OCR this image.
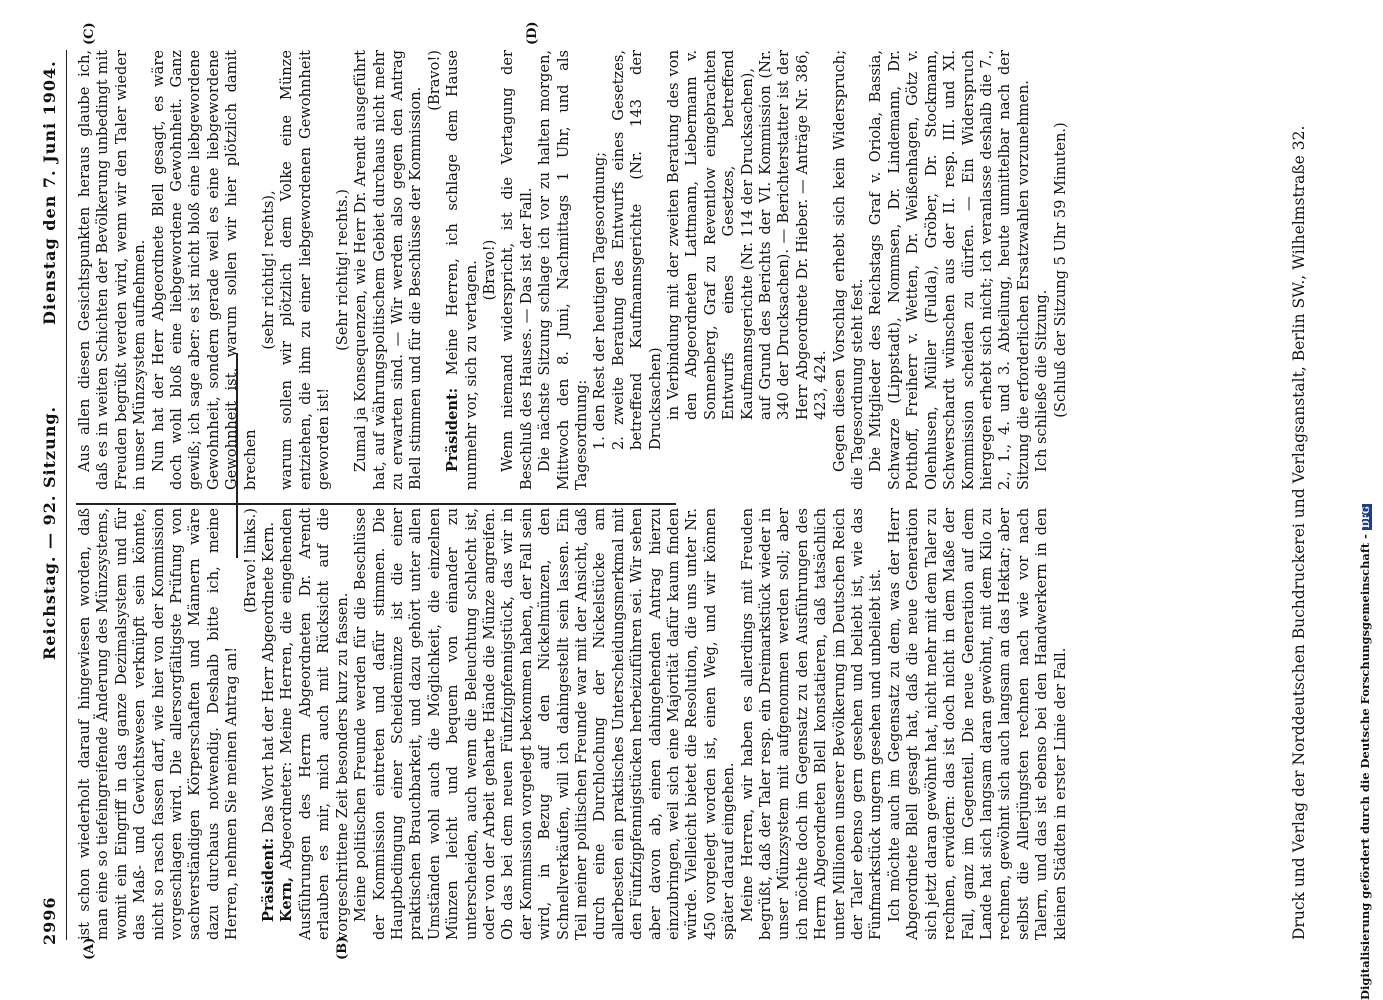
2996
Reichstag. — 92. Sitzung.
Dienstag den 7. Juni 1904.
(A)	(B)
(C)	(D)

ist schon wiederholt darauf hingewiesen worden, daß man eine so tiefeingreifende Änderung des Münzsystems, womit ein Eingriff in das ganze Dezimalsystem und für das Maß- und Gewichtswesen verknüpft sein könnte, nicht so rasch fassen darf, wie hier von der Kommission vorgeschlagen wird. Die allersorgfältigste Prüfung von sachverständigen Körperschaften und Männern wäre dazu durchaus notwendig. Deshalb bitte ich, meine Herren, nehmen Sie meinen Antrag an!

(Bravo! links.)

Präsident: Das Wort hat der Herr Abgeordnete Kern.

Kern, Abgeordneter: Meine Herren, die eingehenden Ausführungen des Herrn Abgeordneten Dr. Arendt erlauben es mir, mich auch mit Rücksicht auf die vorgeschrittene Zeit besonders kurz zu fassen. Meine politischen Freunde werden für die Beschlüsse der Kommission eintreten und dafür stimmen. Die Hauptbedingung einer Scheidemünze ist die einer praktischen Brauchbarkeit, und dazu gehört unter allen Umständen wohl auch die Möglichkeit, die einzelnen Münzen leicht und bequem von einander zu unterscheiden, auch wenn die Beleuchtung schlecht ist, oder von der Arbeit geharte Hände die Münze angreifen. Ob das bei dem neuen Fünfzigpfennigstück, das wir in der Kommission vorgelegt bekommen haben, der Fall sein wird, in Bezug auf den Nickelmünzen, den Schnellverkäufen, will ich dahingestellt sein lassen. Ein Teil meiner politischen Freunde war mit der Ansicht, daß durch eine Durchlochung der Nickelstücke am allerbesten ein praktisches Unterscheidungsmerkmal mit den Fünfzigpfennigstücken herbeizuführen sei. Wir sehen aber davon ab, einen dahingehenden Antrag hierzu einzubringen, weil sich eine Majorität dafür kaum finden würde. Vielleicht bietet die Resolution, die uns unter Nr. 450 vorgelegt worden ist, einen Weg, und wir können später darauf eingehen. Meine Herren, wir haben es allerdings mit Freuden begrüßt, daß der Taler resp. ein Dreimarkstück wieder in unser Münzsystem mit aufgenommen werden soll; aber ich möchte doch im Gegensatz zu den Ausführungen des Herrn Abgeordneten Blell konstatieren, daß tatsächlich unter Millionen unserer Bevölkerung im Deutschen Reich der Taler ebenso gern gesehen und beliebt ist, wie das Fünfmarkstück ungern gesehen und unbeliebt ist. Ich möchte auch im Gegensatz zu dem, was der Herr Abgeordnete Blell gesagt hat, daß die neue Generation sich jetzt daran gewöhnt hat, nicht mehr mit dem Taler zu rechnen, erwidern: das ist doch nicht in dem Maße der Fall, ganz im Gegenteil. Die neue Generation auf dem Lande hat sich langsam daran gewöhnt, mit dem Kilo zu rechnen, gewöhnt sich auch langsam an das Hektar; aber selbst die Allerjüngsten rechnen nach wie vor nach Talern, und das ist ebenso bei den Handwerkern in den kleinen Städten in erster Linie der Fall.

Aus allen diesen Gesichtspunkten heraus glaube ich, daß es in weiten Schichten der Bevölkerung unbedingt mit Freuden begrüßt werden wird, wenn wir den Taler wieder in unser Münzsystem aufnehmen. Nun hat der Herr Abgeordnete Blell gesagt, es wäre doch wohl bloß eine liebgewordene Gewohnheit. Ganz gewiß; ich sage aber: es ist nicht bloß eine liebgewordene Gewohnheit, sondern gerade weil es eine liebgewordene Gewohnheit ist, warum sollen wir hier plötzlich damit brechen

(sehr richtig! rechts), warum sollen wir plötzlich dem Volke eine Münze entziehen, die ihm zu einer liebgewordenen Gewohnheit geworden ist!

(Sehr richtig! rechts.) Zumal ja Konsequenzen, wie Herr Dr. Arendt ausgeführt hat, auf währungspolitischem Gebiet durchaus nicht mehr zu erwarten sind. — Wir werden also gegen den Antrag Blell stimmen und für die Beschlüsse der Kommission.

(Bravo!)

Präsident: Meine Herren, ich schlage dem Hause nunmehr vor, sich zu vertagen. (Bravo!) Wenn niemand widerspricht, ist die Vertagung der Beschluß des Hauses. — Das ist der Fall. Die nächste Sitzung schlage ich vor zu halten morgen, Mittwoch den 8. Juni, Nachmittags 1 Uhr, und als Tagesordnung: 1. den Rest der heutigen Tagesordnung; 2. zweite Beratung des Entwurfs eines Gesetzes, betreffend Kaufmannsgerichte (Nr. 143 der Drucksachen) in Verbindung mit der zweiten Beratung des von den Abgeordneten Lattmann, Liebermann v. Sonnenberg, Graf zu Reventlow eingebrachten Entwurfs eines Gesetzes, betreffend Kaufmannsgerichte (Nr. 114 der Drucksachen), auf Grund des Berichts der VI. Kommission (Nr. 340 der Drucksachen). — Berichterstatter ist der Herr Abgeordnete Dr. Hieber. — Anträge Nr. 386, 423, 424. Gegen diesen Vorschlag erhebt sich kein Widerspruch; die Tagesordnung steht fest. Die Mitglieder des Reichstags Graf v. Oriola, Bassia, Schwarze (Lippstadt), Nommsen, Dr. Lindemann, Dr. Potthoff, Freiherr v. Wetten, Dr. Weißenhagen, Götz v. Olenhusen, Müller (Fulda), Gröber, Dr. Stockmann, Schwerschardt wünschen aus der II. resp. III. und XI. Kommission scheiden zu dürfen. — Ein Widerspruch hiergegen erhebt sich nicht; ich veranlasse deshalb die 7., 2., 1., 4. und 3. Abteilung, heute unmittelbar nach der Sitzung die erforderlichen Ersatzwahlen vorzunehmen. Ich schließe die Sitzung. (Schluß der Sitzung 5 Uhr 59 Minuten.)	Druck und Verlag der Norddeutschen Buchdruckerei und Verlagsanstalt, Berlin SW., Wilhelmstraße 32.	Digitalisierung gefördert durch die Deutsche Forschungsgemeinschaft -DFG
